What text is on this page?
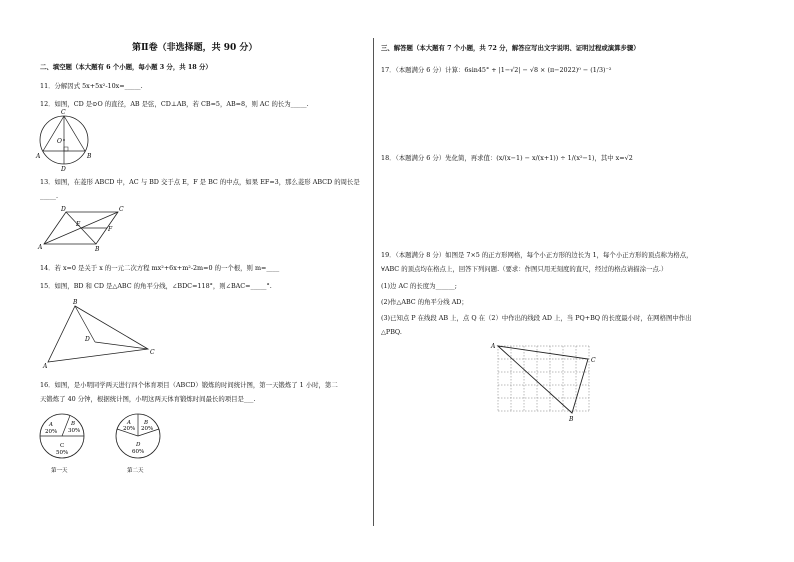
第Ⅱ卷（非选择题，共 90 分）
二、填空题（本大题有 6 个小题，每小题 3 分，共 18 分）
11．分解因式 5x+5x²-10x=_____.
12．如图，CD 是⊙O 的直径，AB 是弦，CD⊥AB，若 CB=5，AB=8，则 AC 的长为_____.
C
O
A	B
D
13．如图，在菱形 ABCD 中，AC 与 BD 交于点 E，F 是 BC 的中点，如果 EF=3，那么菱形 ABCD 的周长是
_____.
D	C
E
F
A	B
14．若 x=0 是关于 x 的一元二次方程 mx²+6x+m²-2m=0 的一个根，则 m=____
15．如图，BD 和 CD 是△ABC 的角平分线，∠BDC=118°，则∠BAC=_____°.
B
D
C
A
16．如图，是小明同学两天进行四个体育项目（ABCD）锻炼的时间统计图，第一天锻炼了 1 小时，第二
天锻炼了 40 分钟，根据统计图，小明这两天体育锻炼时间最长的项目是___.
A
20%
B
30%
C
50%
第一天
A
20%
B
20%
D
60%
第二天
三、解答题（本大题有 7 个小题，共 72 分，解答应写出文字说明、证明过程或演算步骤）
17．（本题满分 6 分）计算：6sin45° + |1−√2| − √8 × (π−2022)⁰ − (1/3)⁻²
18．（本题满分 6 分）先化简，再求值：(x/(x−1) − x/(x+1)) ÷ 1/(x²−1)，其中 x=√2
19．（本题满分 8 分）如图是 7×5 的正方形网格，每个小正方形的边长为 1，每个小正方形的顶点称为格点，
∀ABC 的顶点均在格点上，回答下列问题.（要求：作图只用无刻度的直尺，经过的格点请描涂一点.）
(1)边 AC 的长度为______;
(2)作△ABC 的角平分线 AD；
(3)已知点 P 在线段 AB 上，点 Q 在（2）中作出的线段 AD 上，当 PQ+BQ 的长度最小时，在网格图中作出
△PBQ.
A
C
B
